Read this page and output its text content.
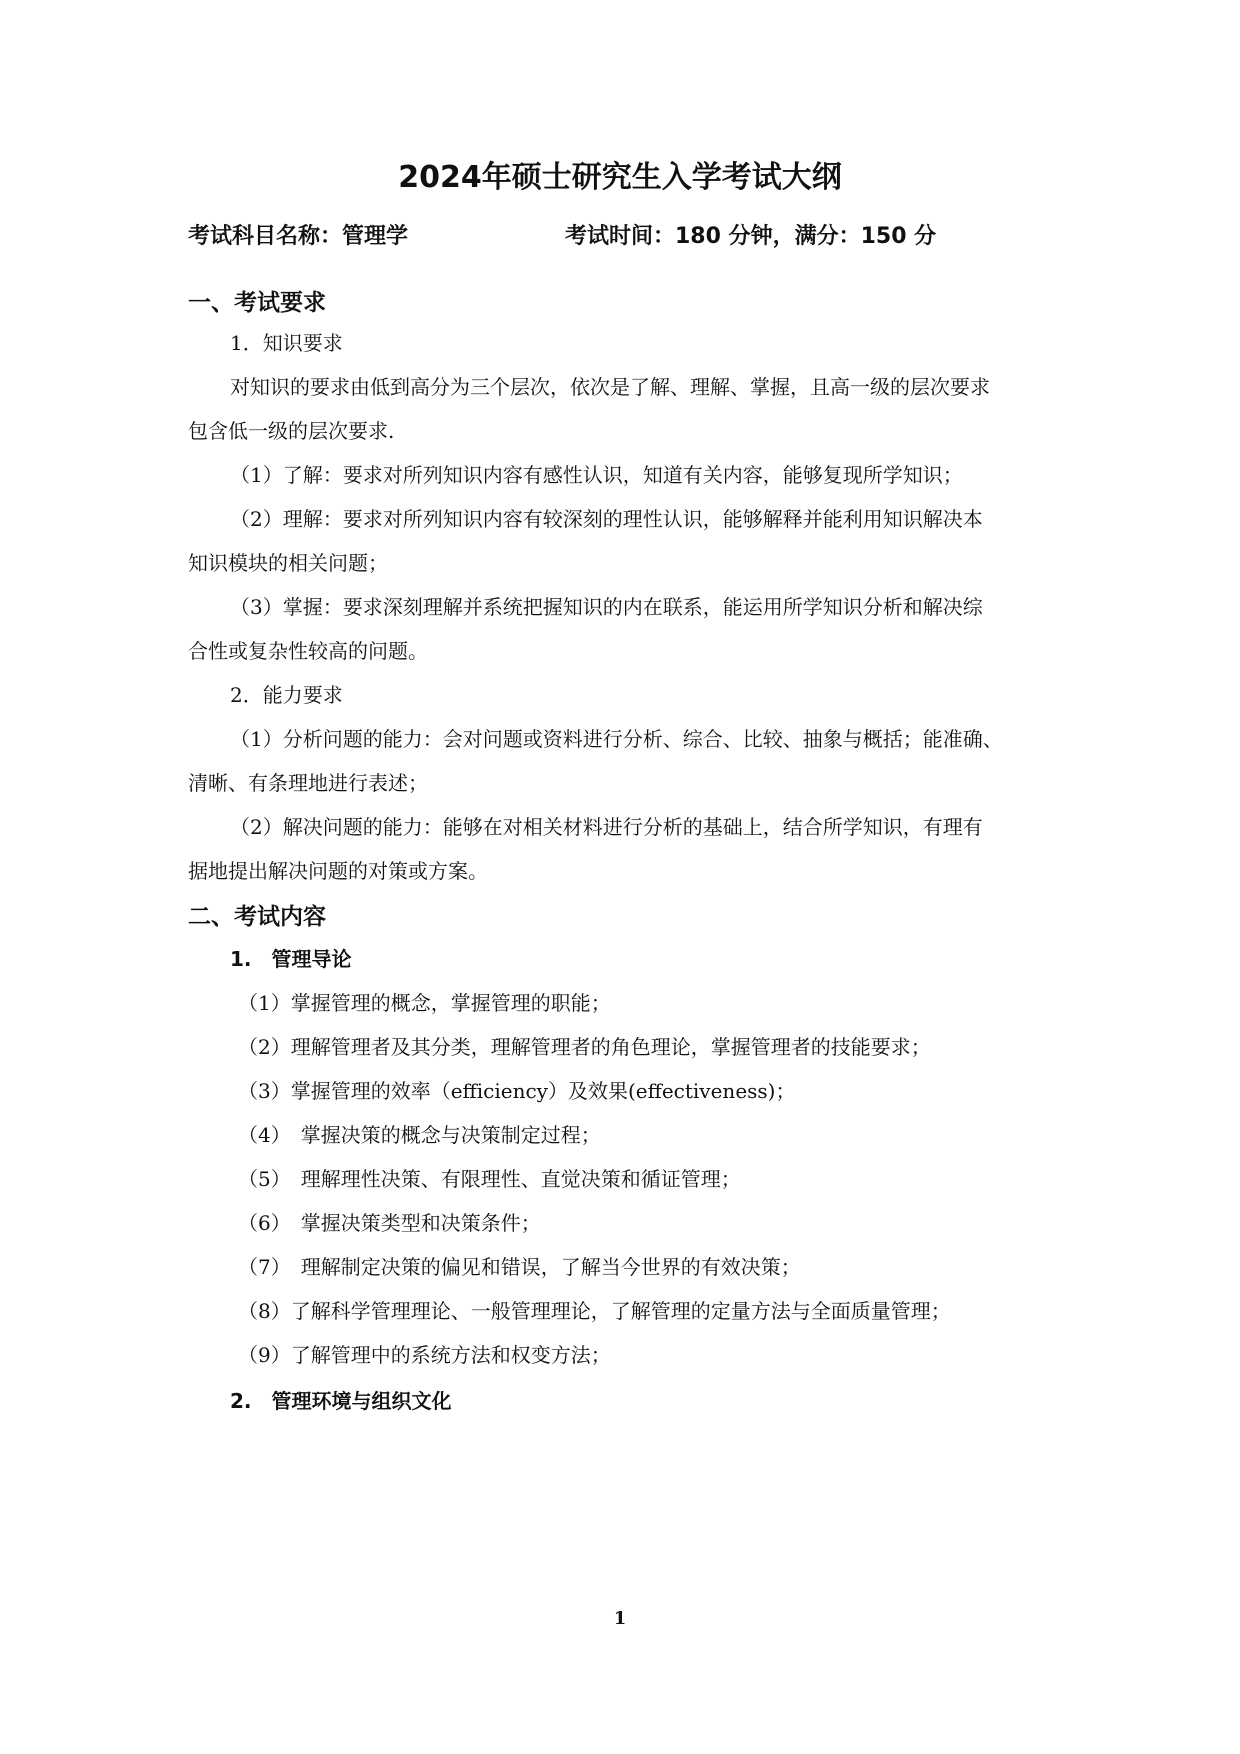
2024年硕士研究生入学考试大纲
考试科目名称：管理学	考试时间：180 分钟，满分：150 分
一、考试要求
1．知识要求
对知识的要求由低到高分为三个层次，依次是了解、理解、掌握，且高一级的层次要求
包含低一级的层次要求.
（1）了解：要求对所列知识内容有感性认识，知道有关内容，能够复现所学知识；
（2）理解：要求对所列知识内容有较深刻的理性认识，能够解释并能利用知识解决本
知识模块的相关问题；
（3）掌握：要求深刻理解并系统把握知识的内在联系，能运用所学知识分析和解决综
合性或复杂性较高的问题。
2．能力要求
（1）分析问题的能力：会对问题或资料进行分析、综合、比较、抽象与概括；能准确、
清晰、有条理地进行表述；
（2）解决问题的能力：能够在对相关材料进行分析的基础上，结合所学知识，有理有
据地提出解决问题的对策或方案。
二、考试内容
1.　管理导论
（1）掌握管理的概念，掌握管理的职能；
（2）理解管理者及其分类，理解管理者的角色理论，掌握管理者的技能要求；
（3）掌握管理的效率（efficiency）及效果(effectiveness)；
（4）　掌握决策的概念与决策制定过程；
（5）　理解理性决策、有限理性、直觉决策和循证管理；
（6）　掌握决策类型和决策条件；
（7）　理解制定决策的偏见和错误，了解当今世界的有效决策；
（8）了解科学管理理论、一般管理理论，了解管理的定量方法与全面质量管理；
（9）了解管理中的系统方法和权变方法；
2.　管理环境与组织文化
1
